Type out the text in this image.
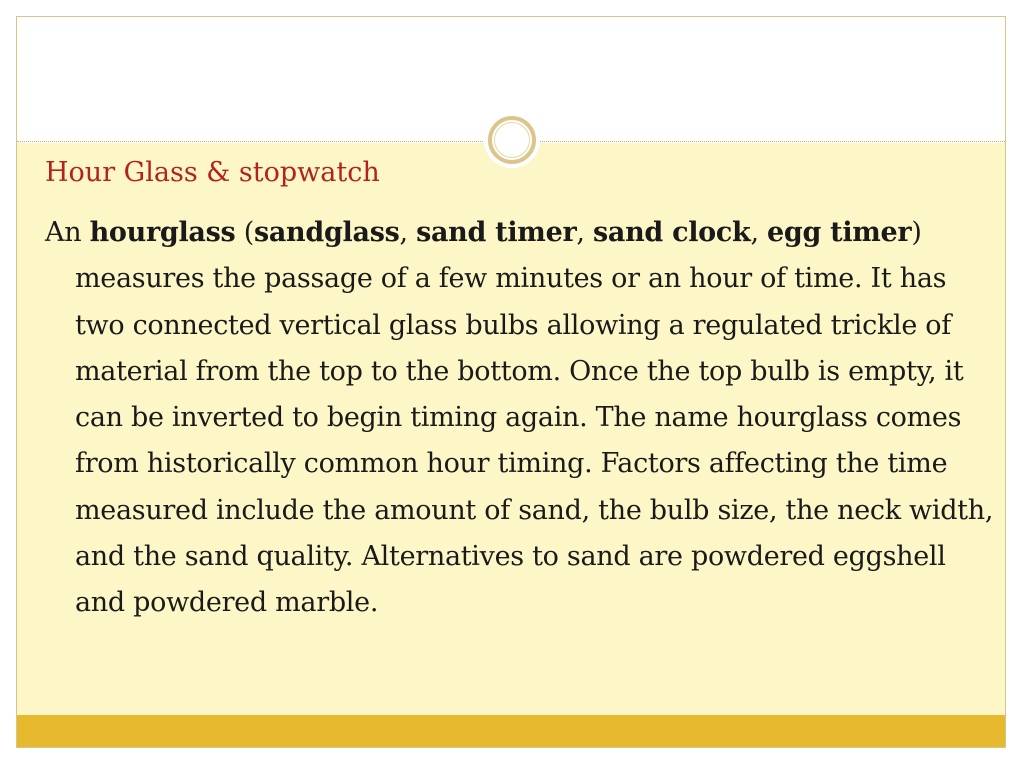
Hour Glass & stopwatch

An hourglass (sandglass, sand timer, sand clock, egg timer) measures the passage of a few minutes or an hour of time. It has two connected vertical glass bulbs allowing a regulated trickle of material from the top to the bottom. Once the top bulb is empty, it can be inverted to begin timing again. The name hourglass comes from historically common hour timing. Factors affecting the time measured include the amount of sand, the bulb size, the neck width, and the sand quality. Alternatives to sand are powdered eggshell and powdered marble.
